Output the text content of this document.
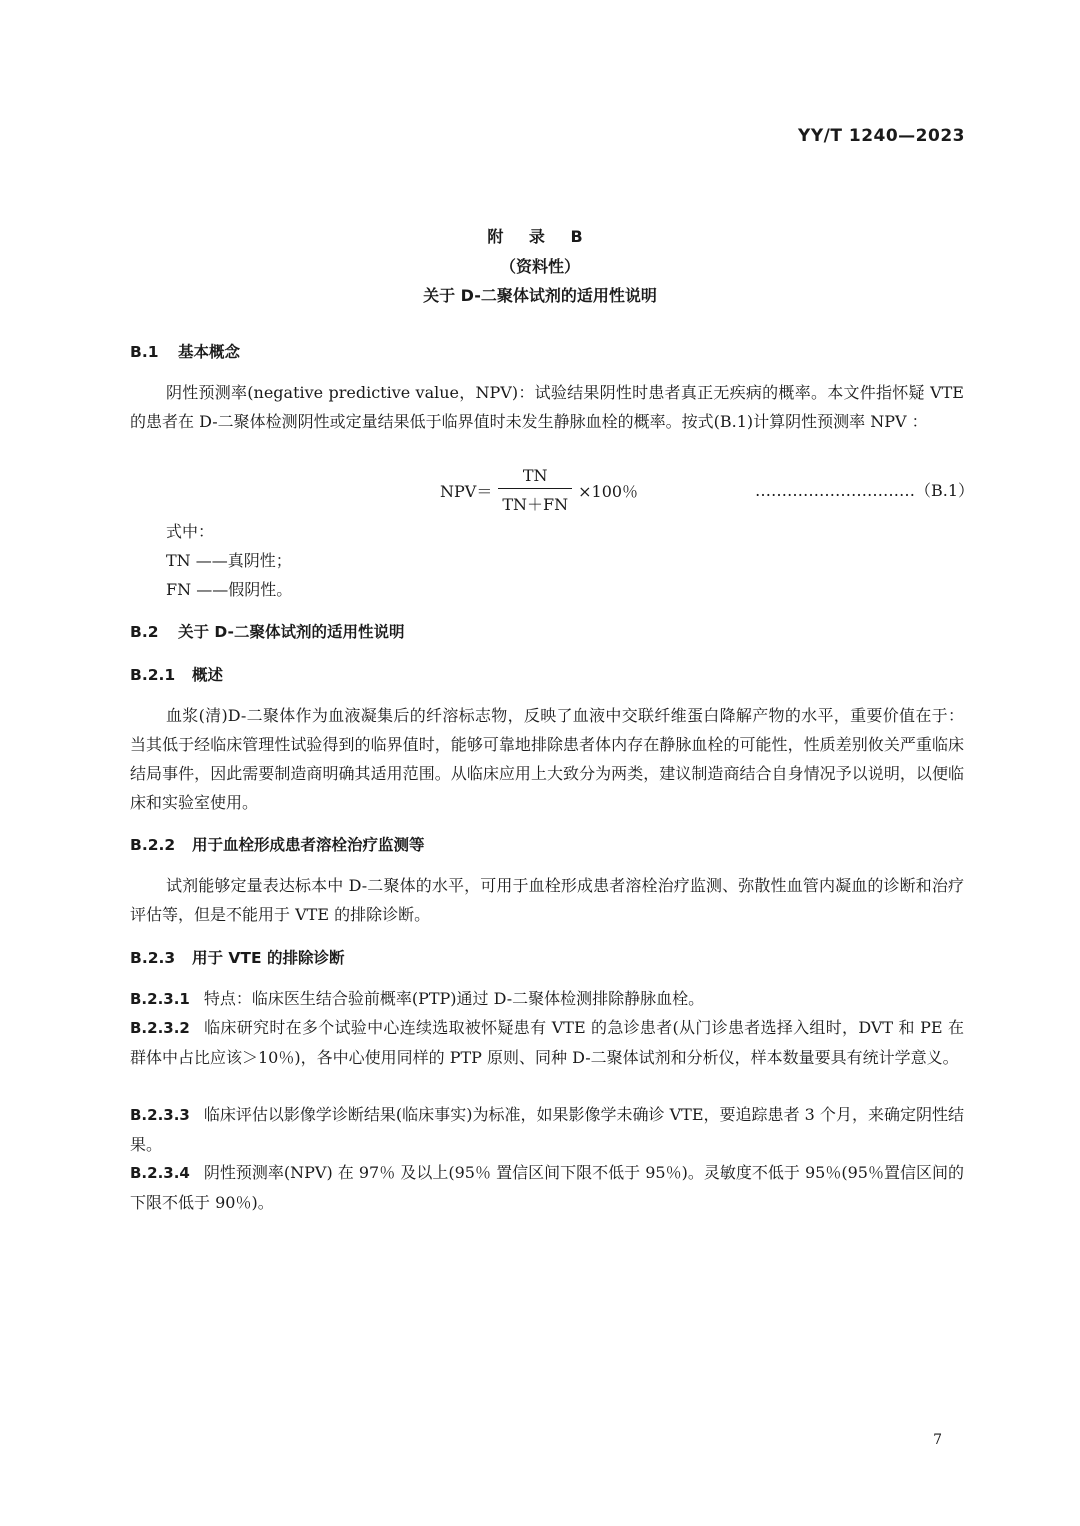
YY/T 1240—2023
附 录 B
（资料性）
关于 D-二聚体试剂的适用性说明
B.1 基本概念
阴性预测率(negative predictive value，NPV)：试验结果阴性时患者真正无疾病的概率。本文件指怀疑 VTE 的患者在 D-二聚体检测阴性或定量结果低于临界值时未发生静脉血栓的概率。按式(B.1)计算阴性预测率 NPV ：
$NPV= \frac{TN}{TN+FN} \times 100$％	…………………………（B.1）
式中：
TN ——真阴性；
FN ——假阴性。
B.2 关于 D-二聚体试剂的适用性说明
B.2.1 概述
血浆(清)D-二聚体作为血液凝集后的纤溶标志物，反映了血液中交联纤维蛋白降解产物的水平，重要价值在于：当其低于经临床管理性试验得到的临界值时，能够可靠地排除患者体内存在静脉血栓的可能性，性质差别攸关严重临床结局事件，因此需要制造商明确其适用范围。从临床应用上大致分为两类，建议制造商结合自身情况予以说明，以便临床和实验室使用。
B.2.2 用于血栓形成患者溶栓治疗监测等
试剂能够定量表达标本中 D-二聚体的水平，可用于血栓形成患者溶栓治疗监测、弥散性血管内凝血的诊断和治疗评估等，但是不能用于 VTE 的排除诊断。
B.2.3 用于 VTE 的排除诊断
B.2.3.1 特点：临床医生结合验前概率(PTP)通过 D-二聚体检测排除静脉血栓。
B.2.3.2 临床研究时在多个试验中心连续选取被怀疑患有 VTE 的急诊患者(从门诊患者选择入组时，DVT 和 PE 在群体中占比应该＞10％)，各中心使用同样的 PTP 原则、同种 D-二聚体试剂和分析仪，样本数量要具有统计学意义。
B.2.3.3 临床评估以影像学诊断结果(临床事实)为标准，如果影像学未确诊 VTE，要追踪患者 3 个月，来确定阴性结果。
B.2.3.4 阴性预测率(NPV) 在 97％ 及以上(95％ 置信区间下限不低于 95％)。灵敏度不低于 95％(95％置信区间的下限不低于 90％)。
7
